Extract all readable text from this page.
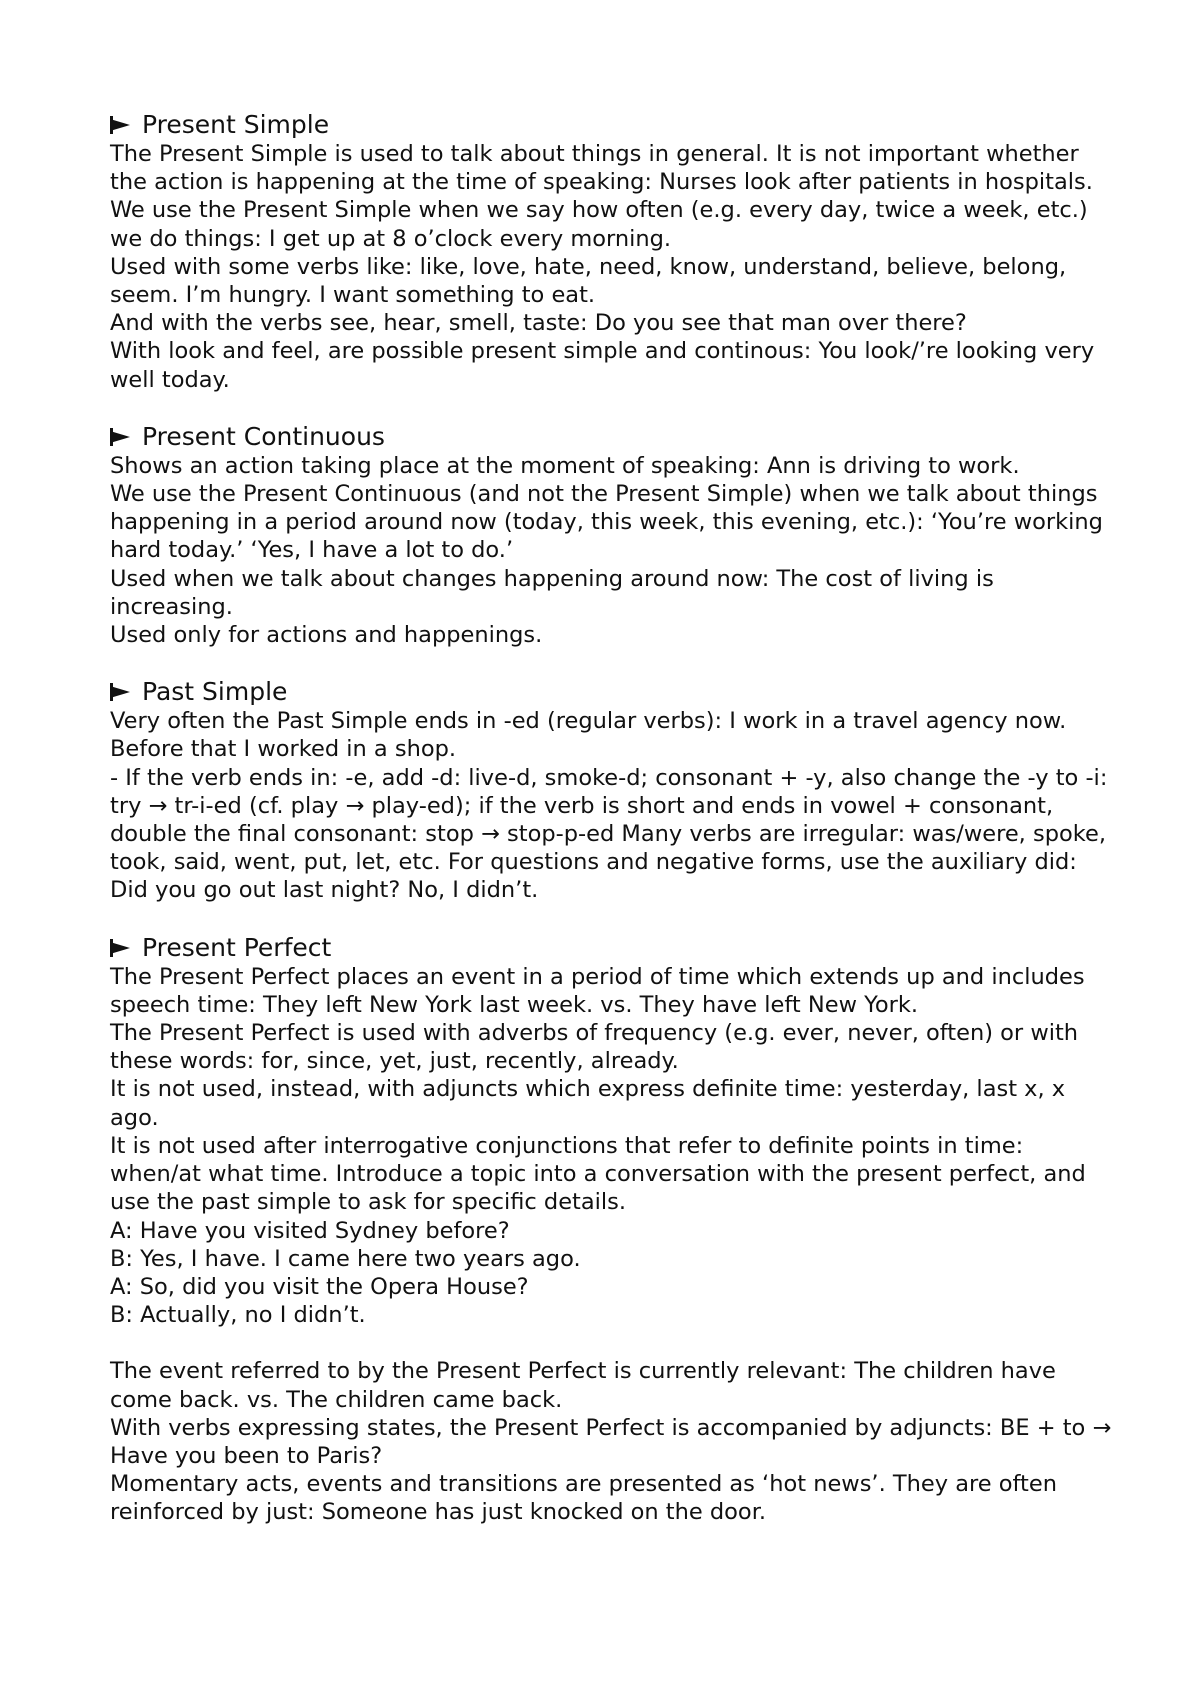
Present Simple

The Present Simple is used to talk about things in general. It is not important whether the action is happening at the time of speaking: Nurses look after patients in hospitals.

We use the Present Simple when we say how often (e.g. every day, twice a week, etc.) we do things: I get up at 8 o’clock every morning.

Used with some verbs like: like, love, hate, need, know, understand, believe, belong, seem. I’m hungry. I want something to eat.

And with the verbs see, hear, smell, taste: Do you see that man over there?

With look and feel, are possible present simple and continous: You look/’re looking very well today.

Present Continuous

Shows an action taking place at the moment of speaking: Ann is driving to work.

We use the Present Continuous (and not the Present Simple) when we talk about things happening in a period around now (today, this week, this evening, etc.): ‘You’re working hard today.’ ‘Yes, I have a lot to do.’

Used when we talk about changes happening around now: The cost of living is increasing.

Used only for actions and happenings.

Past Simple

Very often the Past Simple ends in -ed (regular verbs): I work in a travel agency now. Before that I worked in a shop.

- If the verb ends in: -e, add -d: live-d, smoke-d; consonant + -y, also change the -y to -i: try → tr-i-ed (cf. play → play-ed); if the verb is short and ends in vowel + consonant, double the final consonant: stop → stop-p-ed Many verbs are irregular: was/were, spoke, took, said, went, put, let, etc. For questions and negative forms, use the auxiliary did: Did you go out last night? No, I didn’t.

Present Perfect

The Present Perfect places an event in a period of time which extends up and includes speech time: They left New York last week. vs. They have left New York.

The Present Perfect is used with adverbs of frequency (e.g. ever, never, often) or with these words: for, since, yet, just, recently, already.

It is not used, instead, with adjuncts which express definite time: yesterday, last x, x ago.

It is not used after interrogative conjunctions that refer to definite points in time: when/at what time. Introduce a topic into a conversation with the present perfect, and use the past simple to ask for specific details.

A: Have you visited Sydney before?

B: Yes, I have. I came here two years ago.

A: So, did you visit the Opera House?

B: Actually, no I didn’t.

The event referred to by the Present Perfect is currently relevant: The children have come back. vs. The children came back.

With verbs expressing states, the Present Perfect is accompanied by adjuncts: BE + to → Have you been to Paris?

Momentary acts, events and transitions are presented as ‘hot news’. They are often reinforced by just: Someone has just knocked on the door.
